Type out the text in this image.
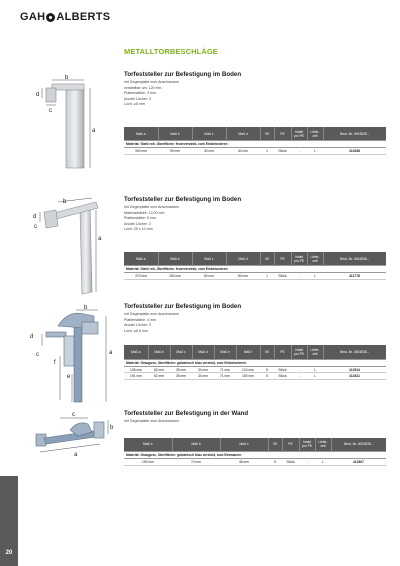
GAH ALBERTS
METALLTORBESCHLÄGE
b
d
c
a
Torfeststeller zur Befestigung im Boden
mit Gegenplatte zum Anschrauben
verstellbar um: 120 mm
Plattenstärke: 3 mm
Anzahl Löcher: 3
Loch: ⌀5 mm
Maß a	Maß b	Maß c	Maß d	VE	PE	Inhalt pro PE	Liefer-zeit	Best.-Nr. 4004538...
Material: Stahl roh, Oberfläche: feuerverzinkt, zum Einbetonieren								
300 mm	90 mm	30 mm	40 mm	1	Stück	-	L	412838
b
d
c
a
Torfeststeller zur Befestigung im Boden
mit Gegenplatte zum Anschrauben
Materialstärke: 12,00 mm
Plattenstärke: 5 mm
Anzahl Löcher: 2
Loch: 25 x 10 mm
Maß a	Maß b	Maß c	Maß d	VE	PE	Inhalt pro PE	Liefer-zeit	Best.-Nr. 4004538...
Material: Stahl roh, Oberfläche: feuerverzinkt, zum Einbetonieren								
370 mm	180 mm	60 mm	50 mm	1	Stück	-	L	411778
b
d
c
f
e
a
Torfeststeller zur Befestigung im Boden
mit Gegenplatte zum Anschrauben
Plattenstärke: 4 mm
Anzahl Löcher: 3
Loch: ⌀6,5 mm
Maß a	Maß b	Maß c	Maß d	Maß e	Maß f	VE	PE	Inhalt pro PE	Liefer-zeit	Best.-Nr. 4004538...
Material: Grauguss, Oberfläche: galvanisch blau verzinkt, zum Einbetonieren										
198 mm	52 mm	35 mm	34 mm	71 mm	124 mm	5	Stück	-	L	412814
191 mm	52 mm	35 mm	34 mm	71 mm	150 mm	5	Stück	-	L	412821
c
b
a
Torfeststeller zur Befestigung in der Wand
mit Gegenplatte zum Anschrauben
Maß a	Maß b	Maß c	VE	PE	Inhalt pro PE	Liefer-zeit	Best.-Nr. 4004538...
Material: Grauguss, Oberfläche: galvanisch blau verzinkt, zum Einmauern							
190 mm	74 mm	48 mm	5	Stück	-	L	412807
20
